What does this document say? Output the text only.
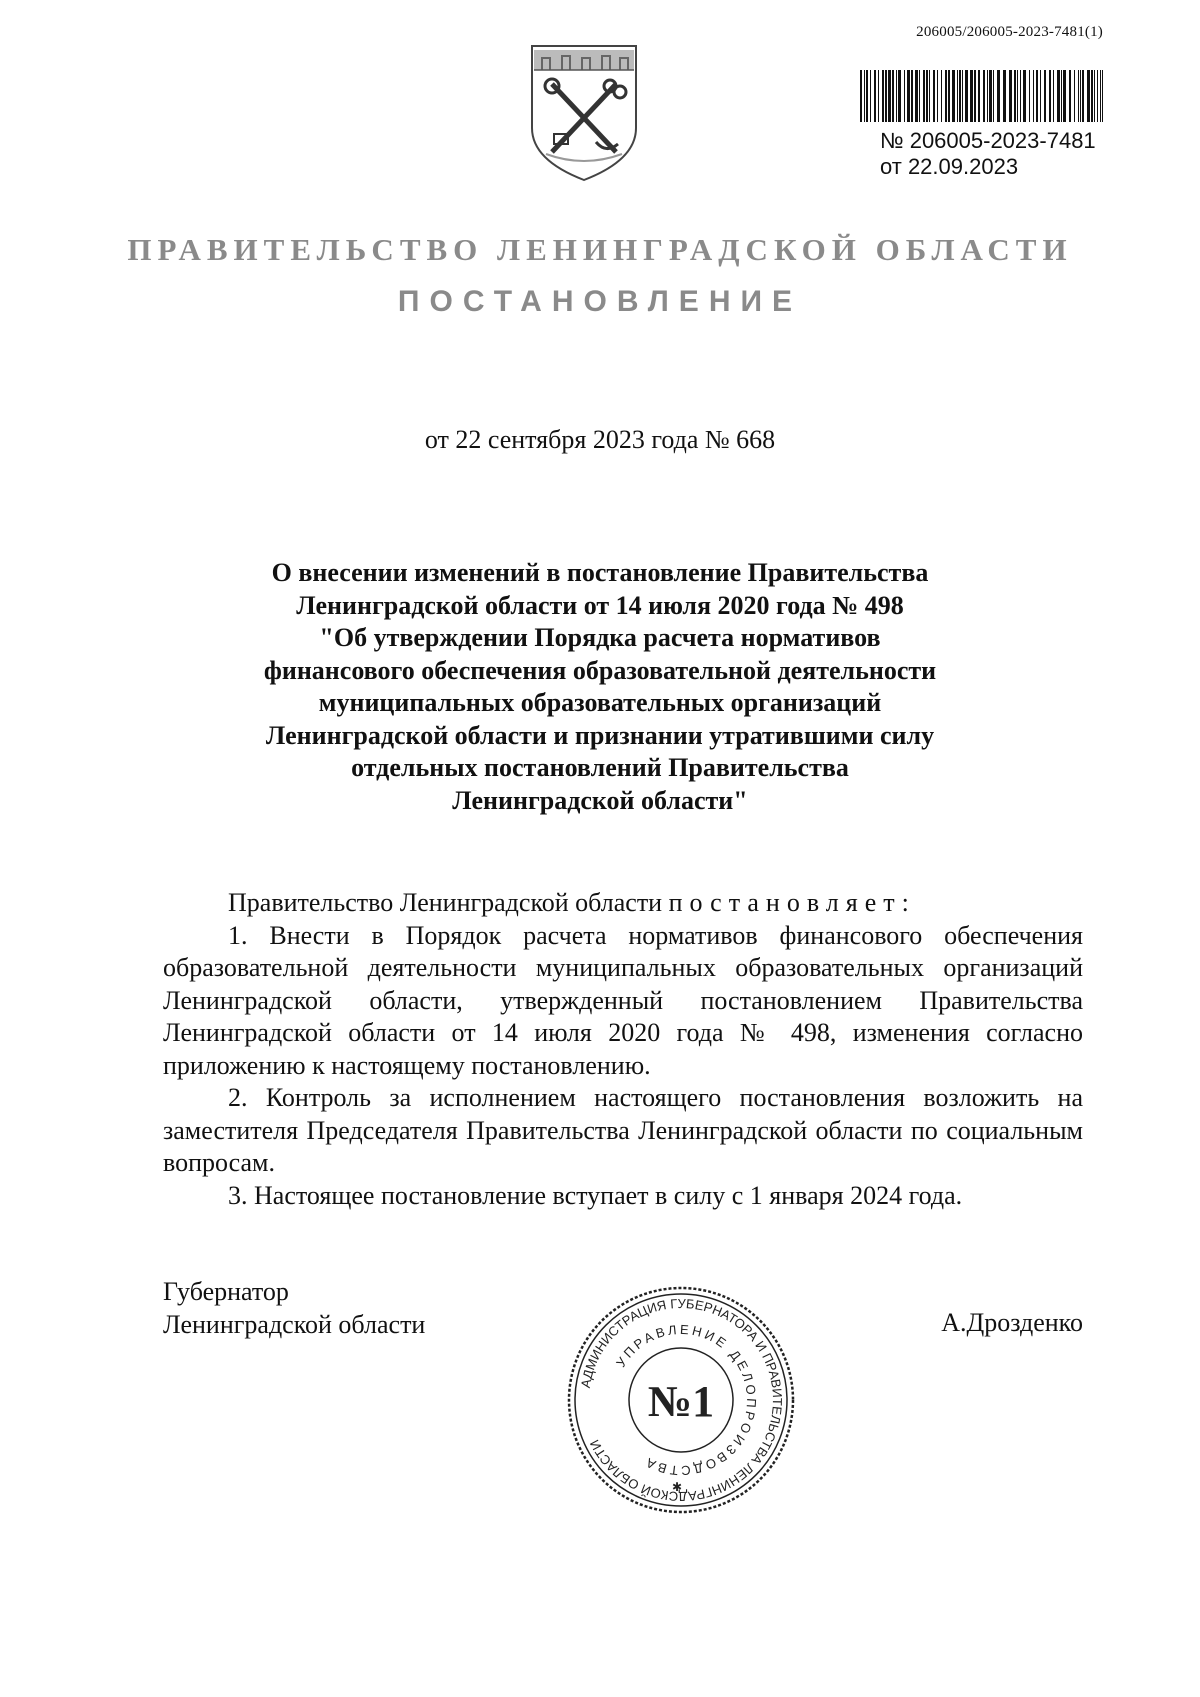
206005/206005-2023-7481(1)
№ 206005-2023-7481
от 22.09.2023
ПРАВИТЕЛЬСТВО ЛЕНИНГРАДСКОЙ ОБЛАСТИ
ПОСТАНОВЛЕНИЕ
от 22 сентября 2023 года № 668
О внесении изменений в постановление Правительства
Ленинградской области от 14 июля 2020 года № 498
"Об утверждении Порядка расчета нормативов
финансового обеспечения образовательной деятельности
муниципальных образовательных организаций
Ленинградской области и признании утратившими силу
отдельных постановлений Правительства
Ленинградской области"

Правительство Ленинградской области постановляет:

1. Внести в Порядок расчета нормативов финансового обеспечения образовательной деятельности муниципальных образовательных организаций Ленинградской области, утвержденный постановлением Правительства Ленинградской области от 14 июля 2020 года № 498, изменения согласно приложению к настоящему постановлению.

2. Контроль за исполнением настоящего постановления возложить на заместителя Председателя Правительства Ленинградской области по социальным вопросам.

3. Настоящее постановление вступает в силу с 1 января 2024 года.

Губернатор
Ленинградской области	А.Дрозденко
АДМИНИСТРАЦИЯ ГУБЕРНАТОРА И ПРАВИТЕЛЬСТВА ЛЕНИНГРАДСКОЙ ОБЛАСТИ
УПРАВЛЕНИЕ ДЕЛОПРОИЗВОДСТВА
№1
✱
